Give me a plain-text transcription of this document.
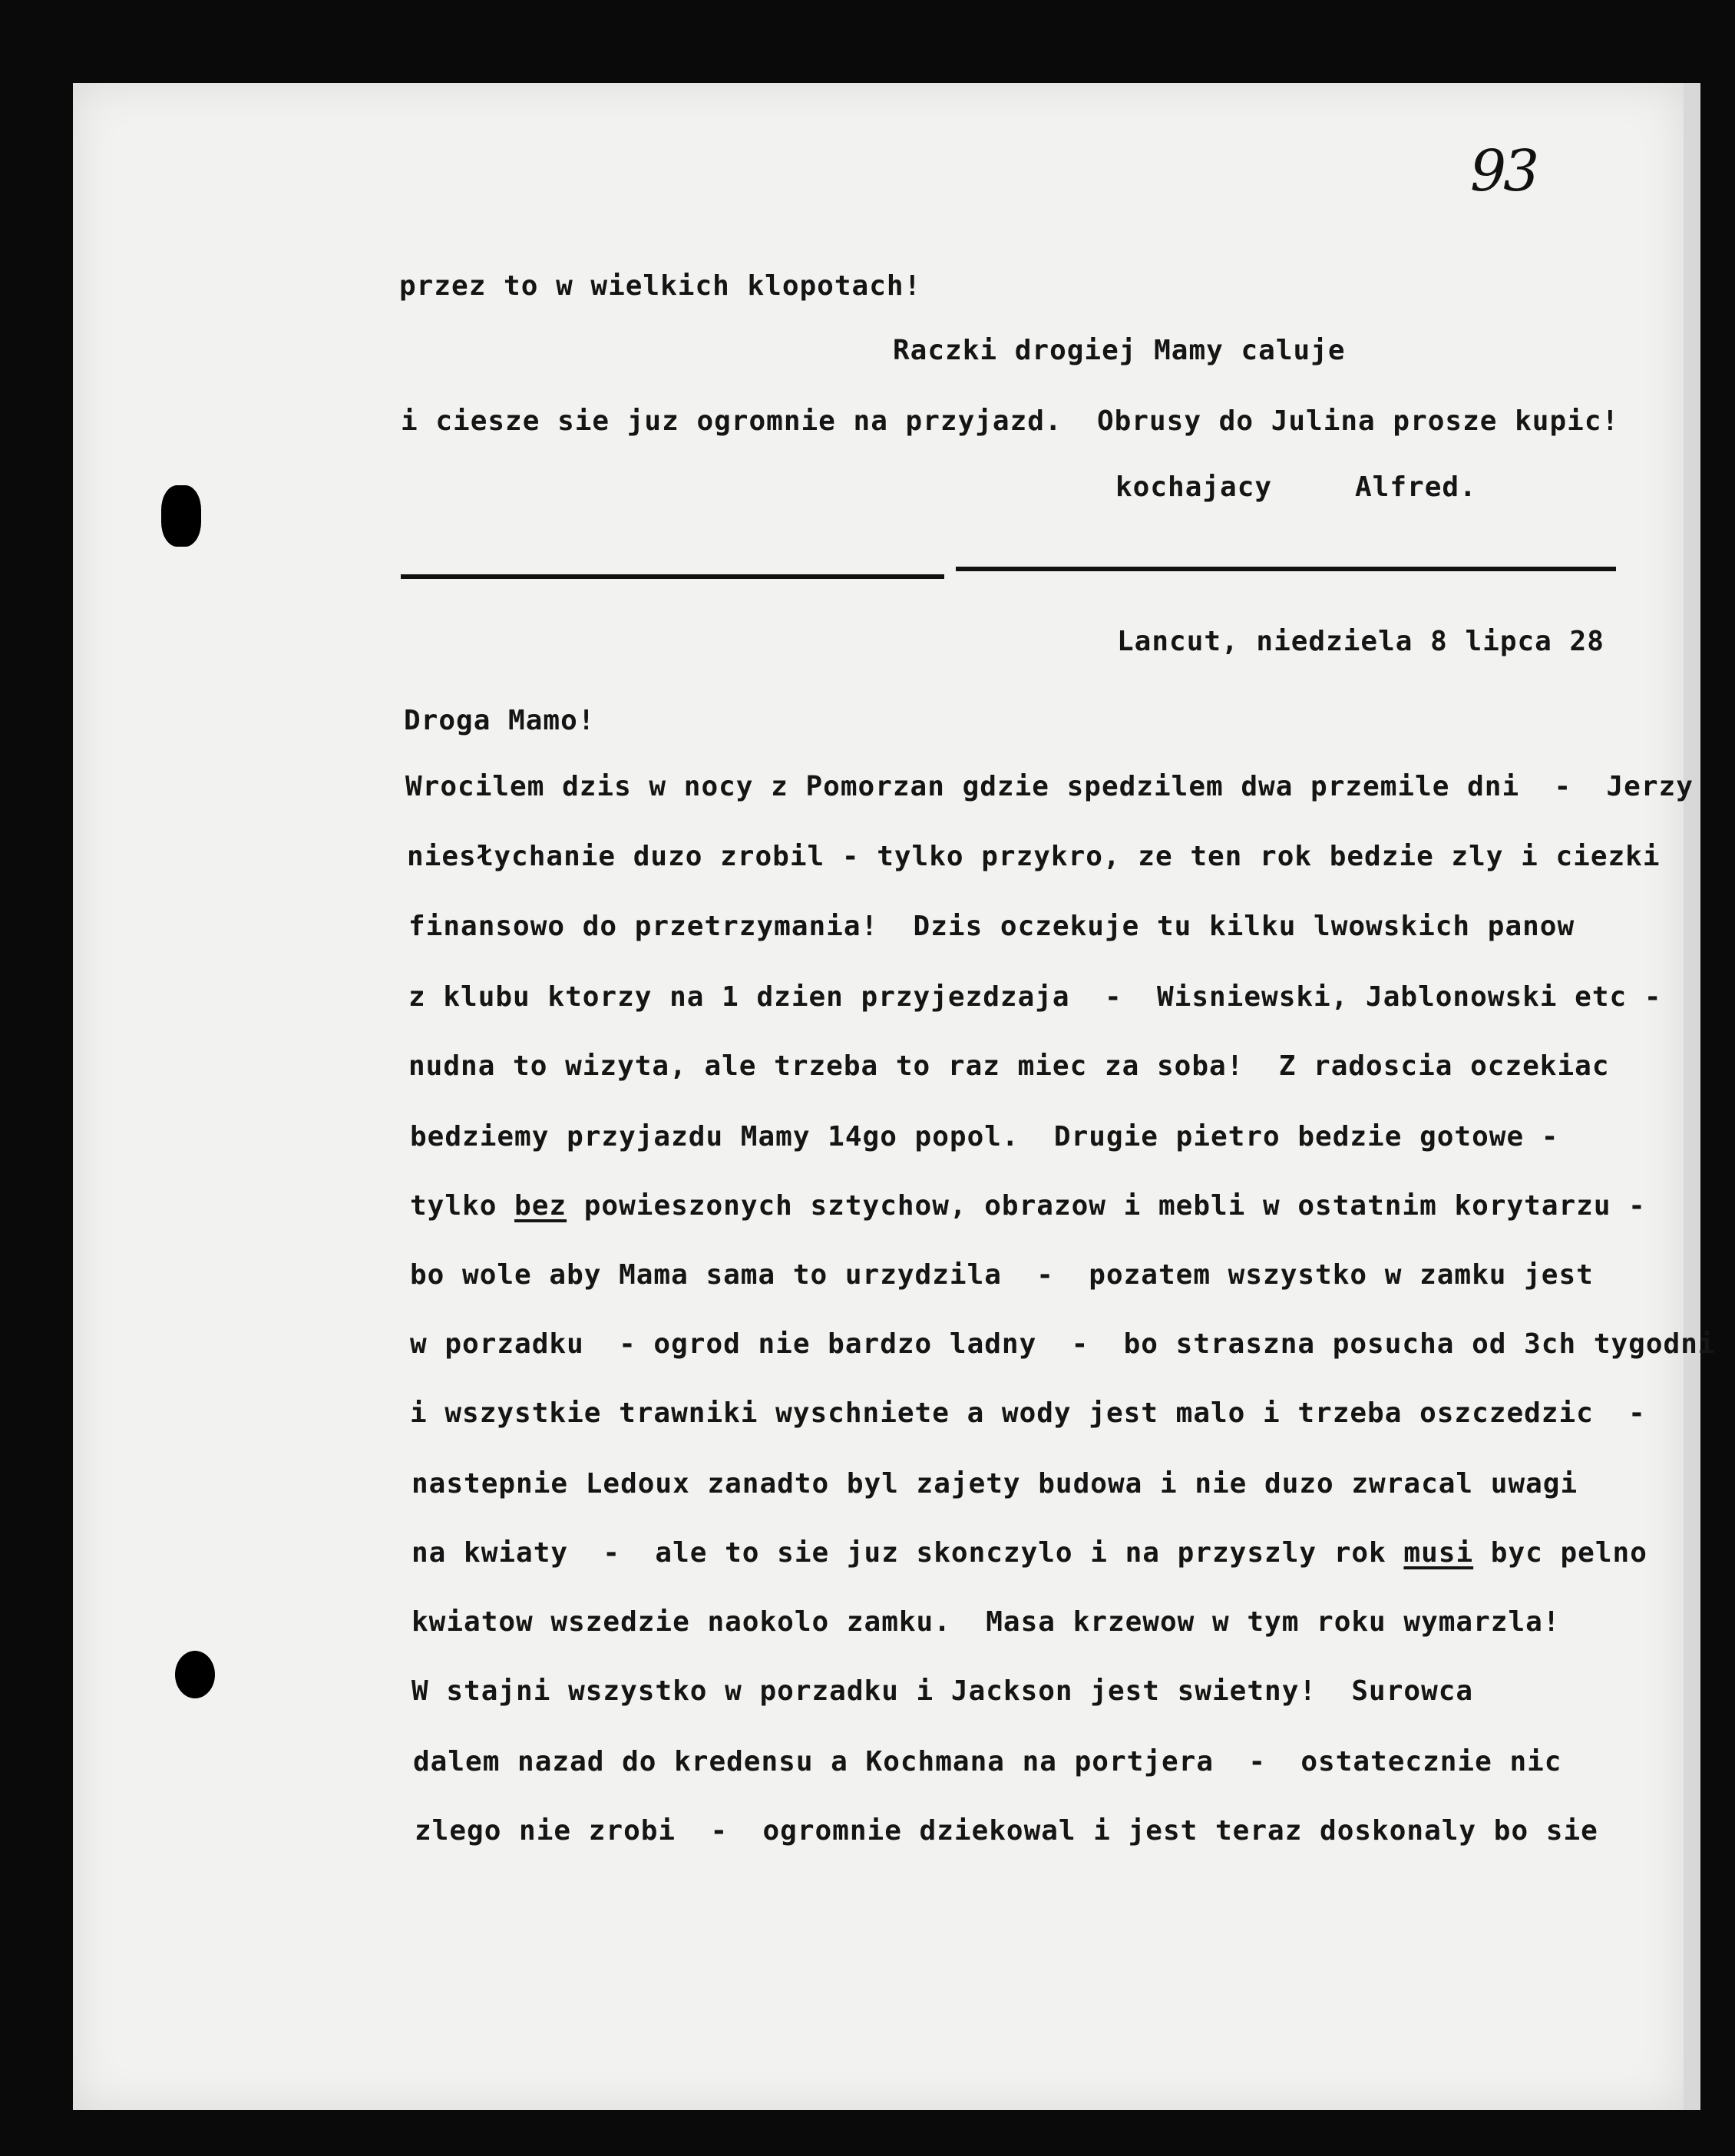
93
przez to w wielkich klopotach!
Raczki drogiej Mamy caluje
i ciesze sie juz ogromnie na przyjazd.  Obrusy do Julina prosze kupic!
kochajacy	Alfred.
Lancut, niedziela 8 lipca 28
Droga Mamo!
Wrocilem dzis w nocy z Pomorzan gdzie spedzilem dwa przemile dni  -  Jerzy
niesłychanie duzo zrobil - tylko przykro, ze ten rok bedzie zly i ciezki
finansowo do przetrzymania!  Dzis oczekuje tu kilku lwowskich panow
z klubu ktorzy na 1 dzien przyjezdzaja  -  Wisniewski, Jablonowski etc -
nudna to wizyta, ale trzeba to raz miec za soba!  Z radoscia oczekiac
bedziemy przyjazdu Mamy 14go popol.  Drugie pietro bedzie gotowe -
tylko bez powieszonych sztychow, obrazow i mebli w ostatnim korytarzu -
bo wole aby Mama sama to urzydzila  -  pozatem wszystko w zamku jest
w porzadku  - ogrod nie bardzo ladny  -  bo straszna posucha od 3ch tygodni
i wszystkie trawniki wyschniete a wody jest malo i trzeba oszczedzic  -
nastepnie Ledoux zanadto byl zajety budowa i nie duzo zwracal uwagi
na kwiaty  -  ale to sie juz skonczylo i na przyszly rok musi byc pelno
kwiatow wszedzie naokolo zamku.  Masa krzewow w tym roku wymarzla!
W stajni wszystko w porzadku i Jackson jest swietny!  Surowca
dalem nazad do kredensu a Kochmana na portjera  -  ostatecznie nic
zlego nie zrobi  -  ogromnie dziekowal i jest teraz doskonaly bo sie
